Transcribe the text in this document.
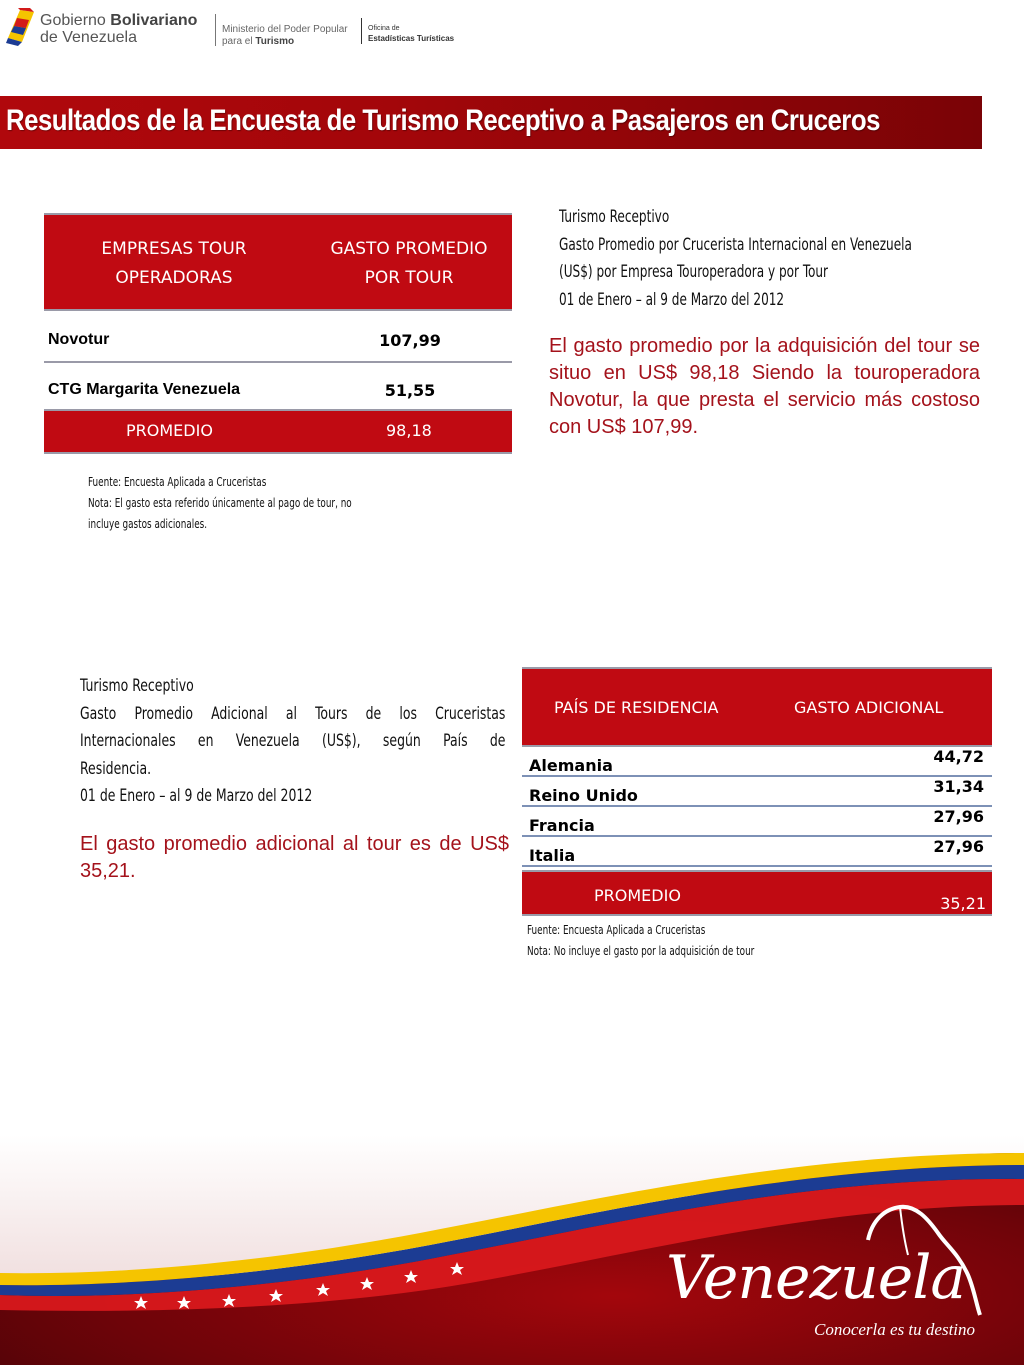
Gobierno Bolivariano
de Venezuela	Ministerio del Poder Popular
para el Turismo
Oficina de
Estadísticas Turísticas
Resultados de la Encuesta de Turismo Receptivo a Pasajeros en Cruceros
EMPRESAS TOUR
OPERADORAS
GASTO PROMEDIO
POR TOUR
Novotur	107,99
CTG Margarita Venezuela	51,55
PROMEDIO	98,18
Fuente: Encuesta Aplicada a Cruceristas
Nota: El gasto esta referido únicamente al pago de tour, no
incluye gastos adicionales.
Turismo Receptivo
Gasto Promedio por Crucerista Internacional en Venezuela
(US$) por Empresa Touroperadora y por Tour
01 de Enero – al 9 de Marzo del 2012
El gasto promedio por la adquisición del tour se situo en US$ 98,18 Siendo la touroperadora Novotur, la que presta el servicio más costoso con US$ 107,99.
Turismo Receptivo
Gasto Promedio Adicional al Tours de los Cruceristas
Internacionales en Venezuela (US$), según País de
Residencia.
01 de Enero – al 9 de Marzo del 2012
El gasto promedio adicional al tour es de US$ 35,21.
PAÍS DE RESIDENCIA	GASTO ADICIONAL
Alemania	44,72
Reino Unido	31,34
Francia	27,96
Italia	27,96
PROMEDIO	35,21
Fuente: Encuesta Aplicada a Cruceristas
Nota: No incluye el gasto por la adquisición de tour
Venezuela
Conocerla es tu destino
